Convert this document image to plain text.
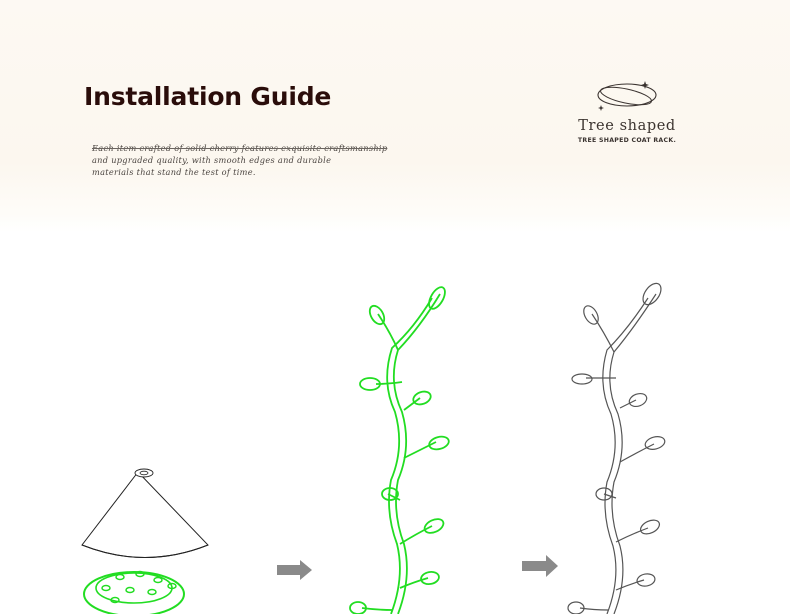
Installation Guide
Each item crafted of solid cherry features exquisite craftsmanship
and upgraded quality, with smooth edges and durable
materials that stand the test of time.
Tree shaped
TREE SHAPED COAT RACK.
